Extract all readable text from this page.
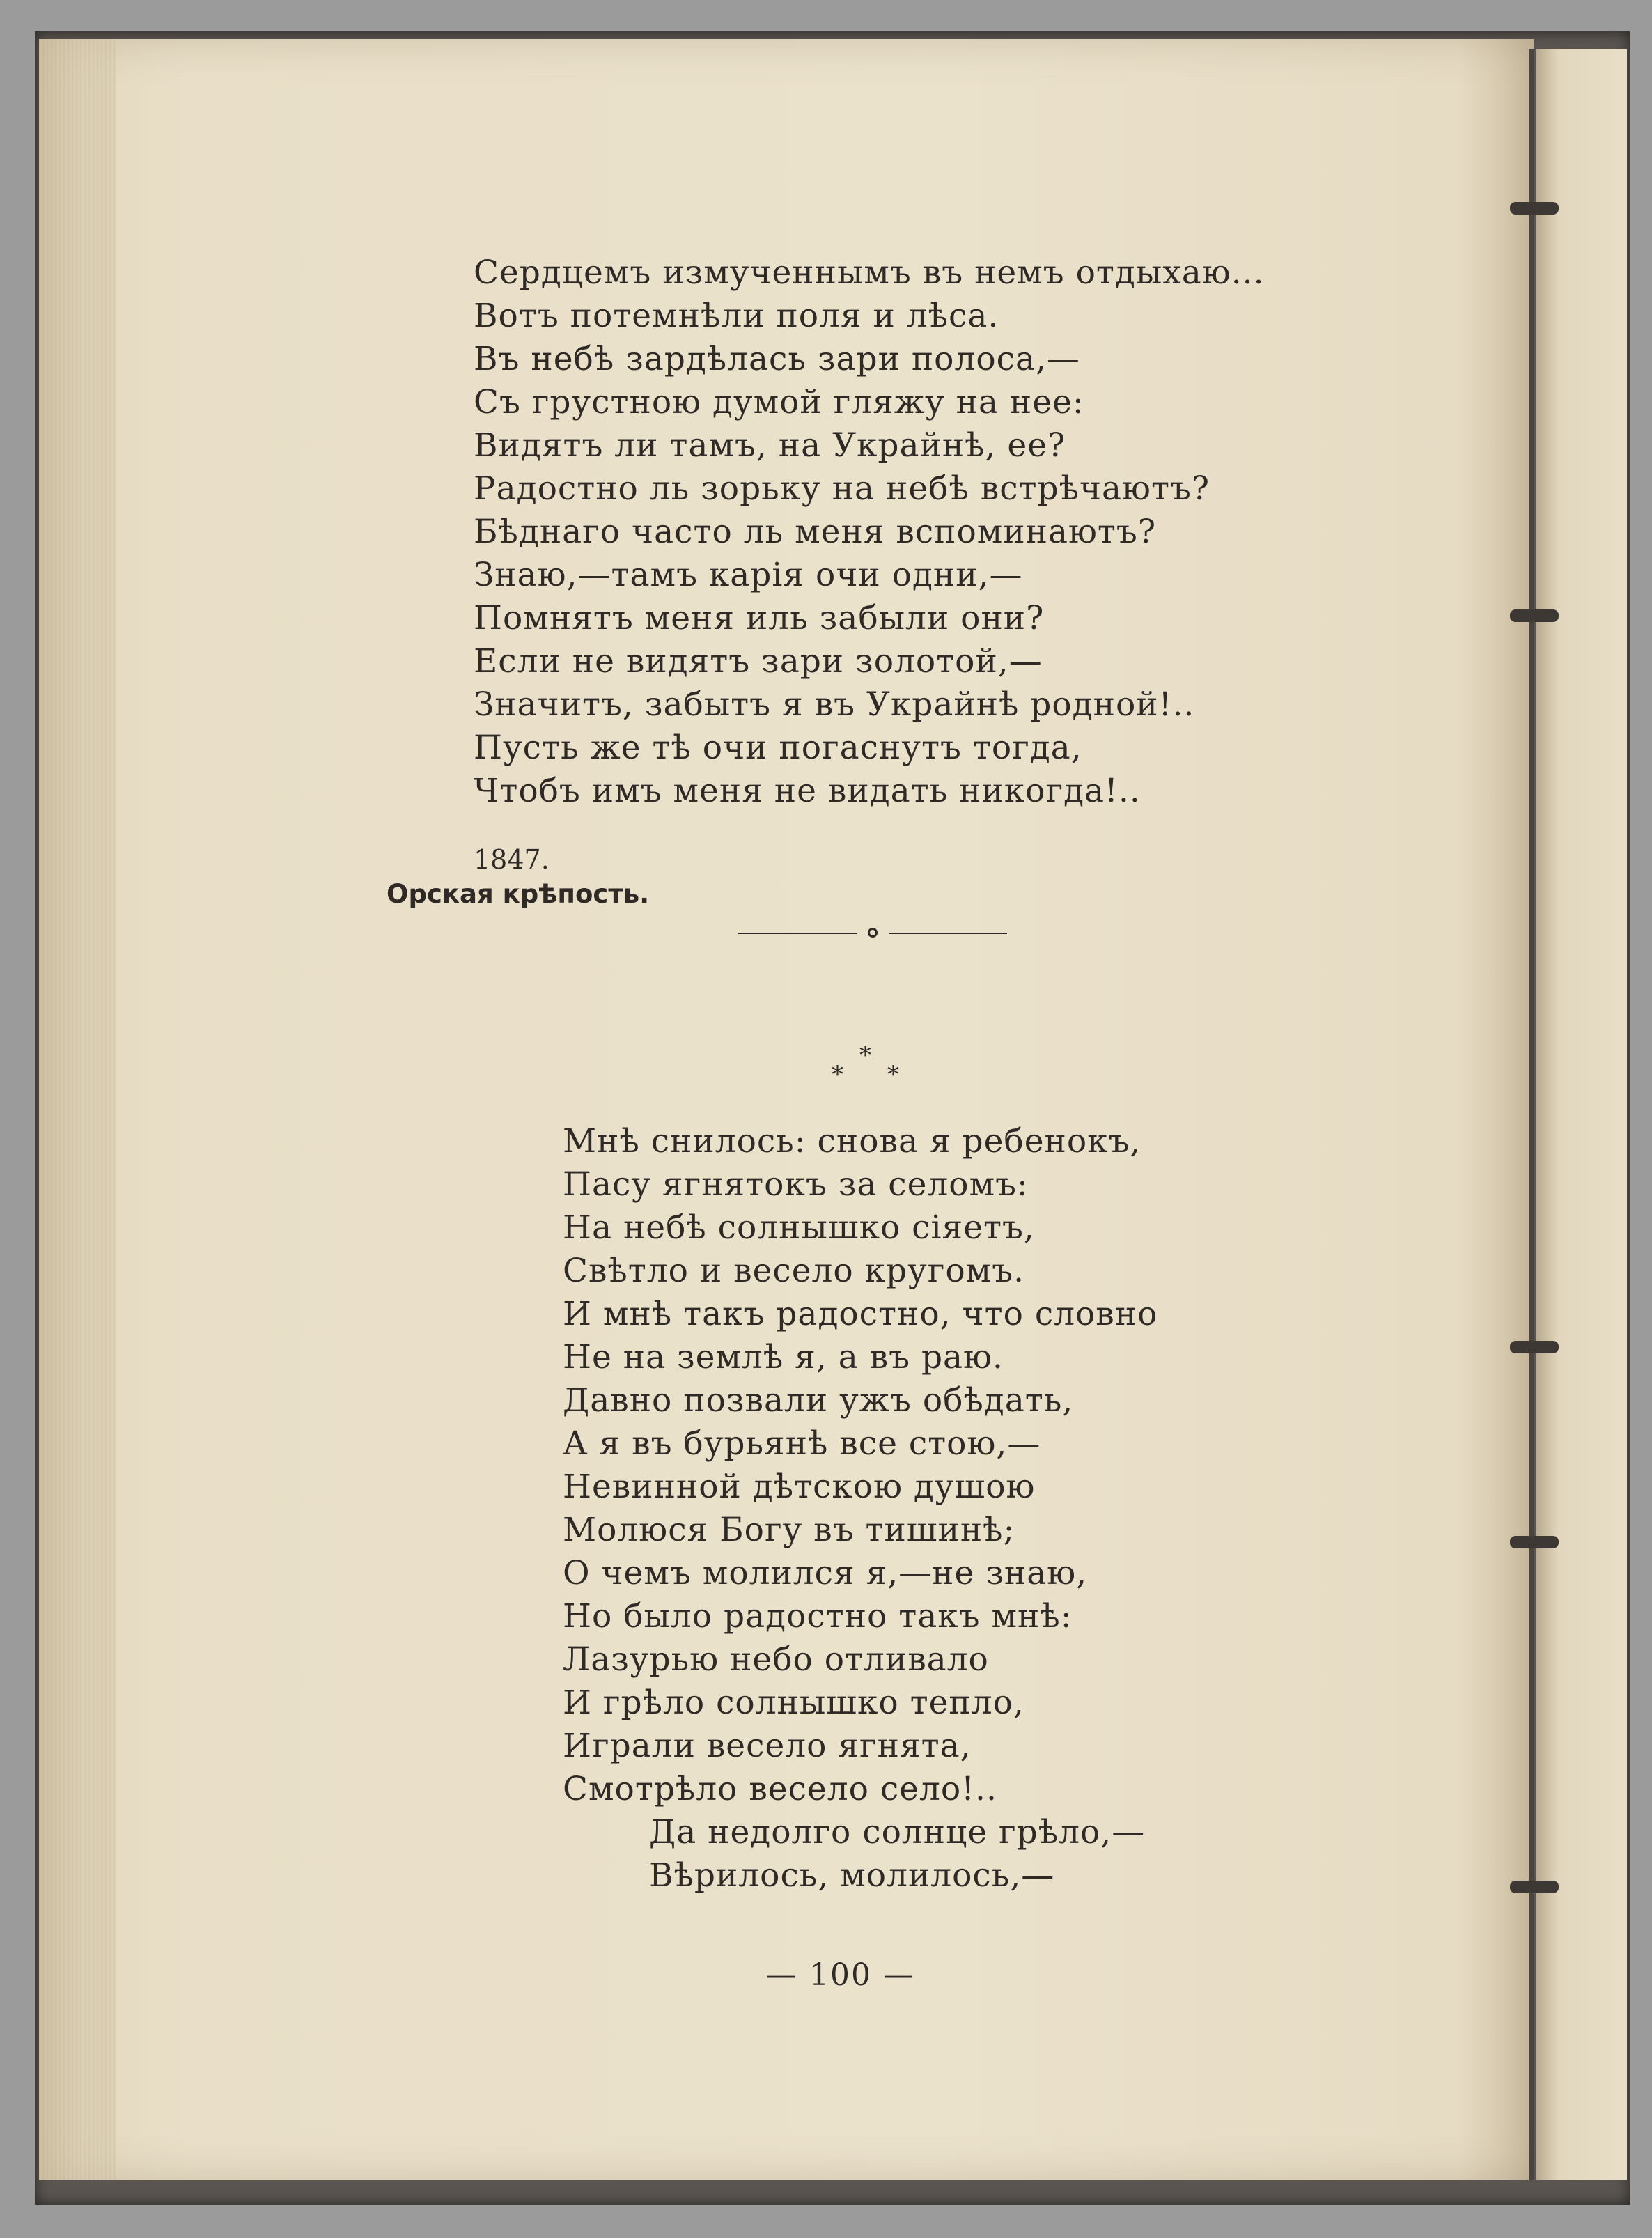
Сердцемъ измученнымъ въ немъ отдыхаю...
Вотъ потемнѣли поля и лѣса.
Въ небѣ зардѣлась зари полоса,—
Съ грустною думой гляжу на нее:
Видятъ ли тамъ, на Украйнѣ, ее?
Радостно ль зорьку на небѣ встрѣчаютъ?
Бѣднаго часто ль меня вспоминаютъ?
Знаю,—тамъ карія очи одни,—
Помнятъ меня иль забыли они?
Если не видятъ зари золотой,—
Значитъ, забытъ я въ Украйнѣ родной!..
Пусть же тѣ очи погаснутъ тогда,
Чтобъ имъ меня не видать никогда!..
1847.
Орская крѣпость.
*
* *
Мнѣ снилось: снова я ребенокъ,
Пасу ягнятокъ за селомъ:
На небѣ солнышко сіяетъ,
Свѣтло и весело кругомъ.
И мнѣ такъ радостно, что словно
Не на землѣ я, а въ раю.
Давно позвали ужъ обѣдать,
А я въ бурьянѣ все стою,—
Невинной дѣтскою душою
Молюся Богу въ тишинѣ;
О чемъ молился я,—не знаю,
Но было радостно такъ мнѣ:
Лазурью небо отливало
И грѣло солнышко тепло,
Играли весело ягнята,
Смотрѣло весело село!..
Да недолго солнце грѣло,—
Вѣрилось, молилось,—
— 100 —
